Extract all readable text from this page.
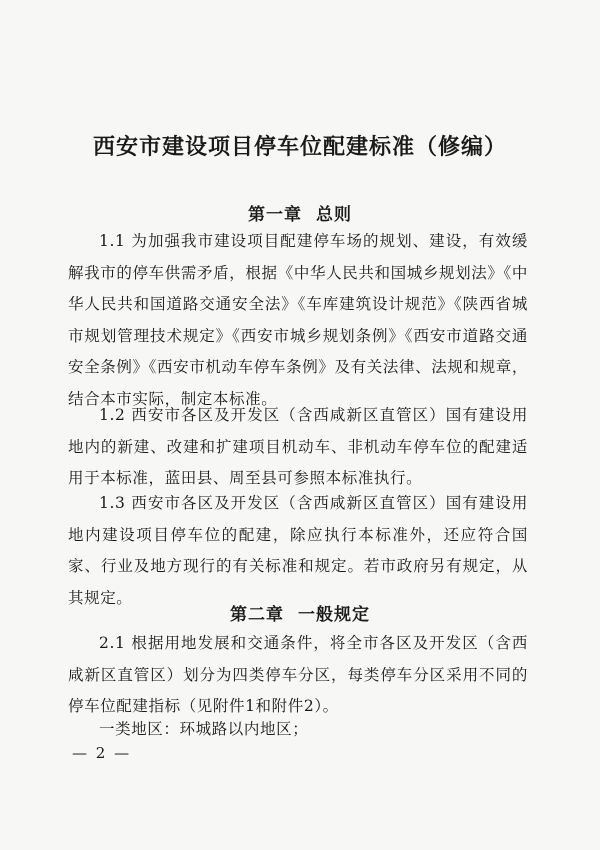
西安市建设项目停车位配建标准（修编）
第一章 总则
1.1 为加强我市建设项目配建停车场的规划、建设，有效缓解我市的停车供需矛盾，根据《中华人民共和国城乡规划法》《中华人民共和国道路交通安全法》《车库建筑设计规范》《陕西省城市规划管理技术规定》《西安市城乡规划条例》《西安市道路交通安全条例》《西安市机动车停车条例》及有关法律、法规和规章，结合本市实际，制定本标准。
1.2 西安市各区及开发区（含西咸新区直管区）国有建设用地内的新建、改建和扩建项目机动车、非机动车停车位的配建适用于本标准，蓝田县、周至县可参照本标准执行。
1.3 西安市各区及开发区（含西咸新区直管区）国有建设用地内建设项目停车位的配建，除应执行本标准外，还应符合国家、行业及地方现行的有关标准和规定。若市政府另有规定，从其规定。
第二章 一般规定
2.1 根据用地发展和交通条件，将全市各区及开发区（含西咸新区直管区）划分为四类停车分区，每类停车分区采用不同的停车位配建指标（见附件1和附件2）。
一类地区：环城路以内地区；
— 2 —
